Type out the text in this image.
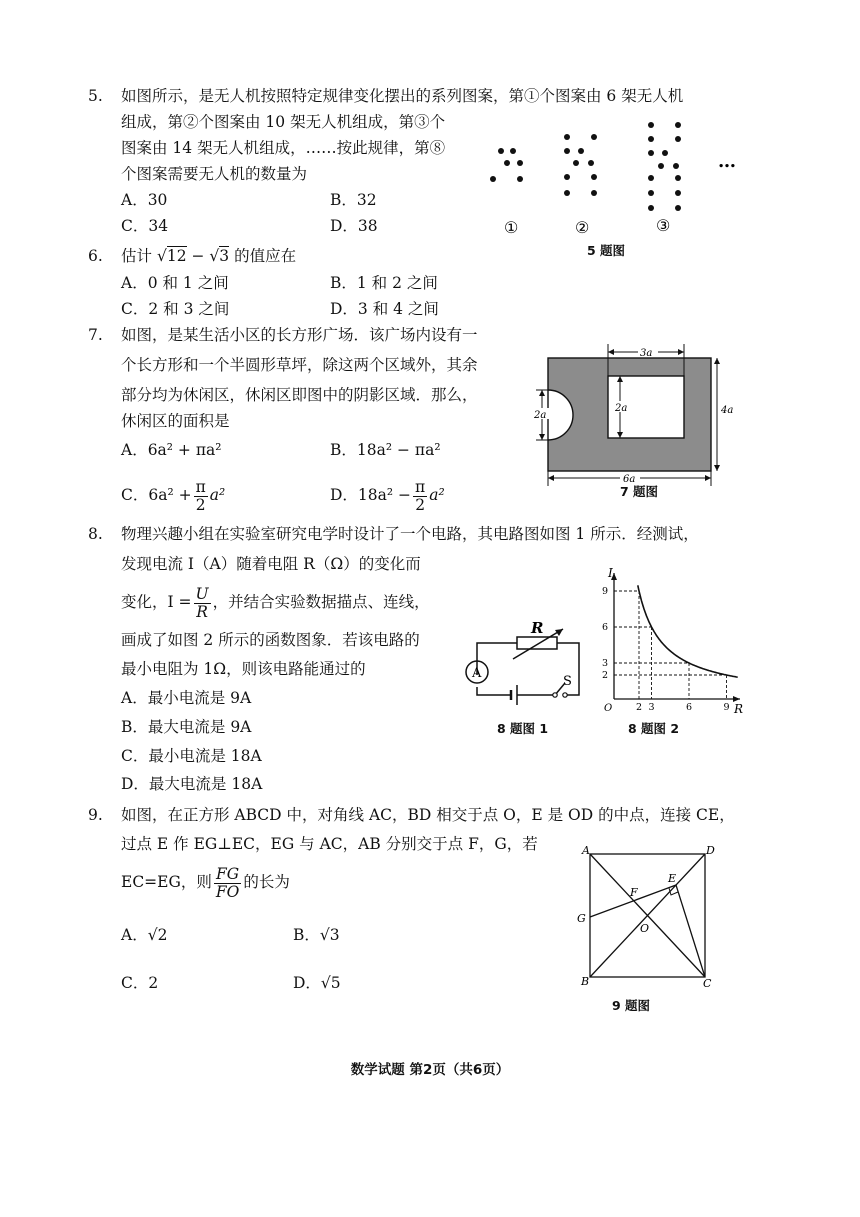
5. 如图所示，是无人机按照特定规律变化摆出的系列图案，第①个图案由 6 架无人机
组成，第②个图案由 10 架无人机组成，第③个
图案由 14 架无人机组成，……按此规律，第⑧
个图案需要无人机的数量为
A．30	B．32
C．34	D．38	①	②	③
…
5 题图
6. 估计 √12 − √3 的值应在
A．0 和 1 之间	B．1 和 2 之间
C．2 和 3 之间	D．3 和 4 之间
7. 如图，是某生活小区的长方形广场．该广场内设有一
个长方形和一个半圆形草坪，除这两个区域外，其余
部分均为休闲区，休闲区即图中的阴影区域．那么，
休闲区的面积是
A．6a² + πa²	B．18a² − πa²
C．$6a^2 + \frac{\pi}{2} a^2$	D．$18a^2 - \frac{\pi}{2} a^2$
3a
2a
2a	4a
6a
7 题图
8. 物理兴趣小组在实验室研究电学时设计了一个电路，其电路图如图 1 所示．经测试，
发现电流 I（A）随着电阻 R（Ω）的变化而
变化，$I = \frac{U}{R}$ ，并结合实验数据描点、连线，
画成了如图 2 所示的函数图象．若该电路的
最小电阻为 1Ω，则该电路能通过的
A．最小电流是 9A
B．最大电流是 9A
C．最小电流是 18A
D．最大电流是 18A
R
A
S
8 题图 1
2 3	6	9
9
6
3
2
I
R
O
8 题图 2
9. 如图，在正方形 ABCD 中，对角线 AC，BD 相交于点 O，E 是 OD 的中点，连接 CE，
过点 E 作 EG⊥EC，EG 与 AC，AB 分别交于点 F，G，若
EC=EG，则 $\frac{FG}{FO}$ 的长为
A．√2	B．√3
C．2	D．√5
A	D
B	C
E
F
G
O
9 题图
数学试题 第2页（共6页）
